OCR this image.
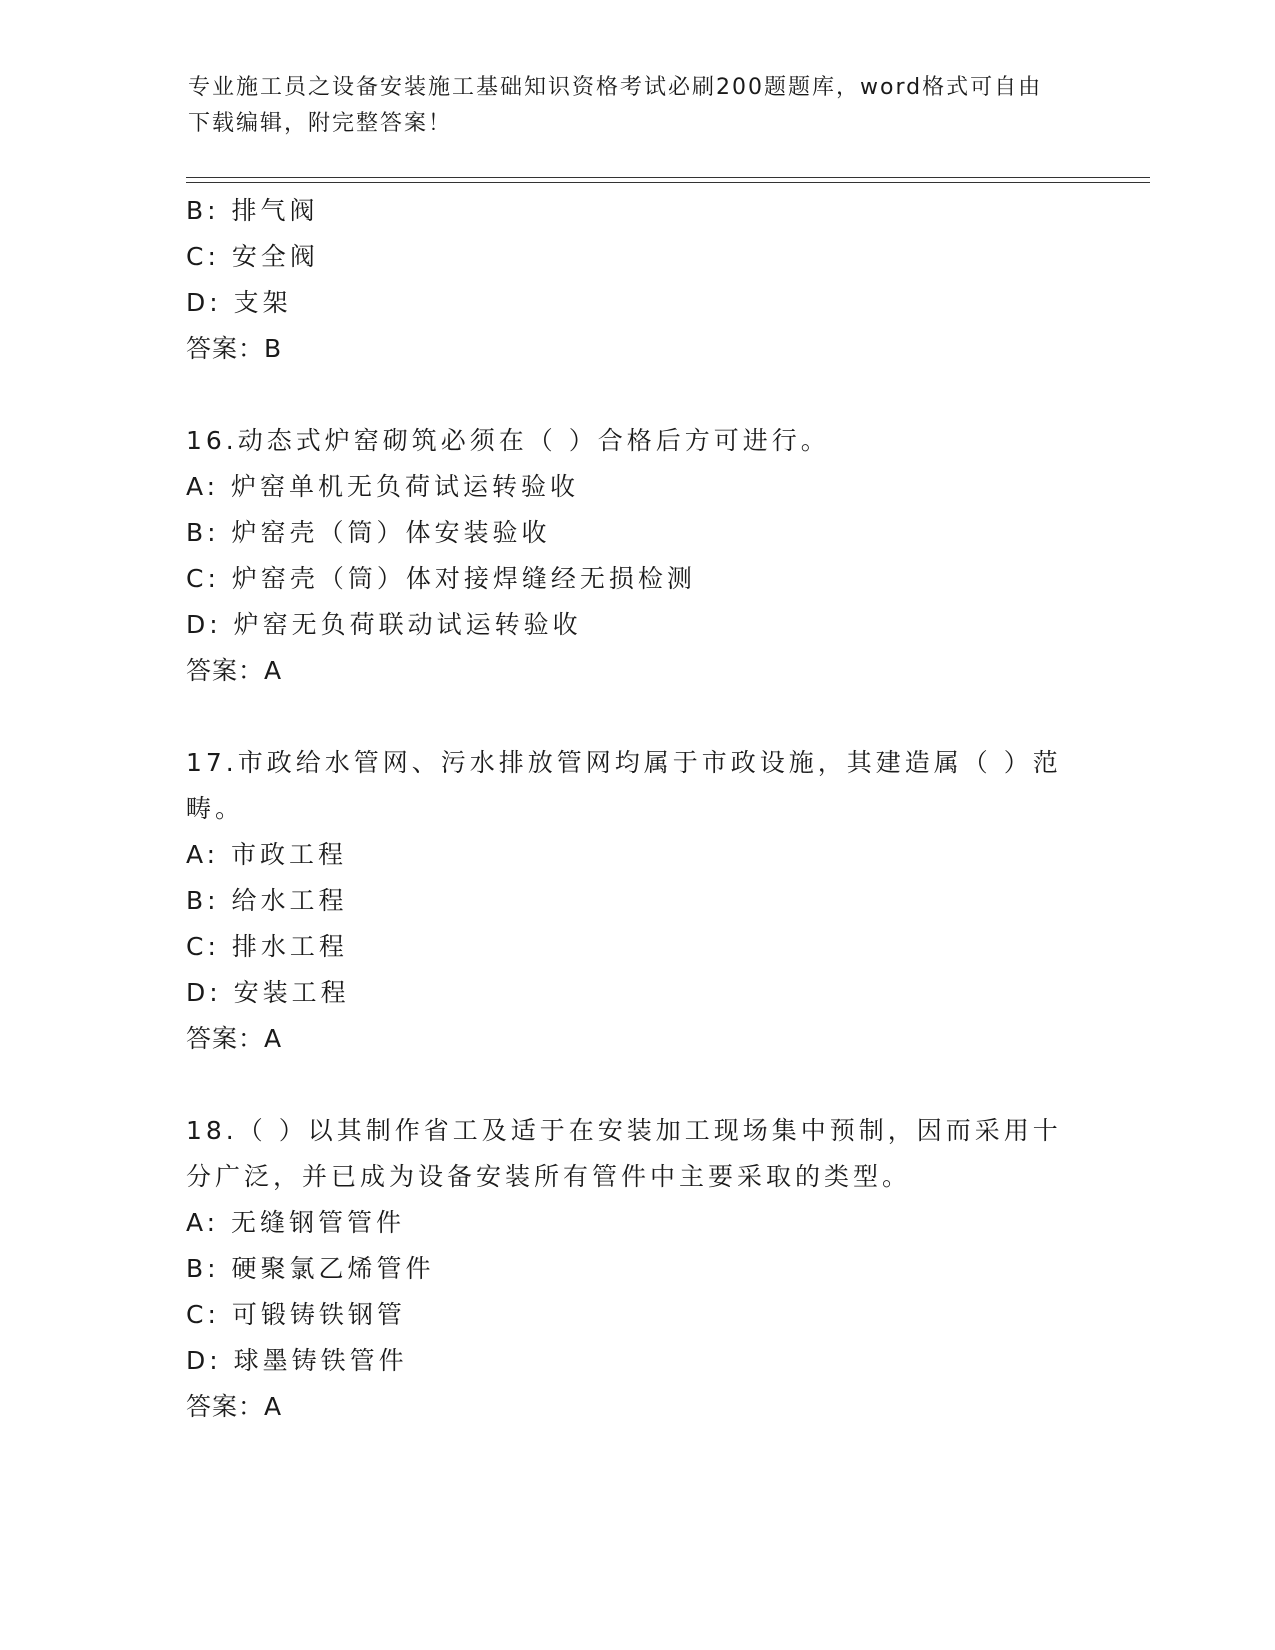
专业施工员之设备安装施工基础知识资格考试必刷200题题库，word格式可自由
下载编辑，附完整答案！
B: 排气阀
C: 安全阀
D: 支架
答案：B
16.动态式炉窑砌筑必须在（ ）合格后方可进行。
A: 炉窑单机无负荷试运转验收
B: 炉窑壳（筒）体安装验收
C: 炉窑壳（筒）体对接焊缝经无损检测
D: 炉窑无负荷联动试运转验收
答案：A
17.市政给水管网、污水排放管网均属于市政设施，其建造属（ ）范
畴。
A: 市政工程
B: 给水工程
C: 排水工程
D: 安装工程
答案：A
18.（ ）以其制作省工及适于在安装加工现场集中预制，因而采用十
分广泛，并已成为设备安装所有管件中主要采取的类型。
A: 无缝钢管管件
B: 硬聚氯乙烯管件
C: 可锻铸铁钢管
D: 球墨铸铁管件
答案：A
